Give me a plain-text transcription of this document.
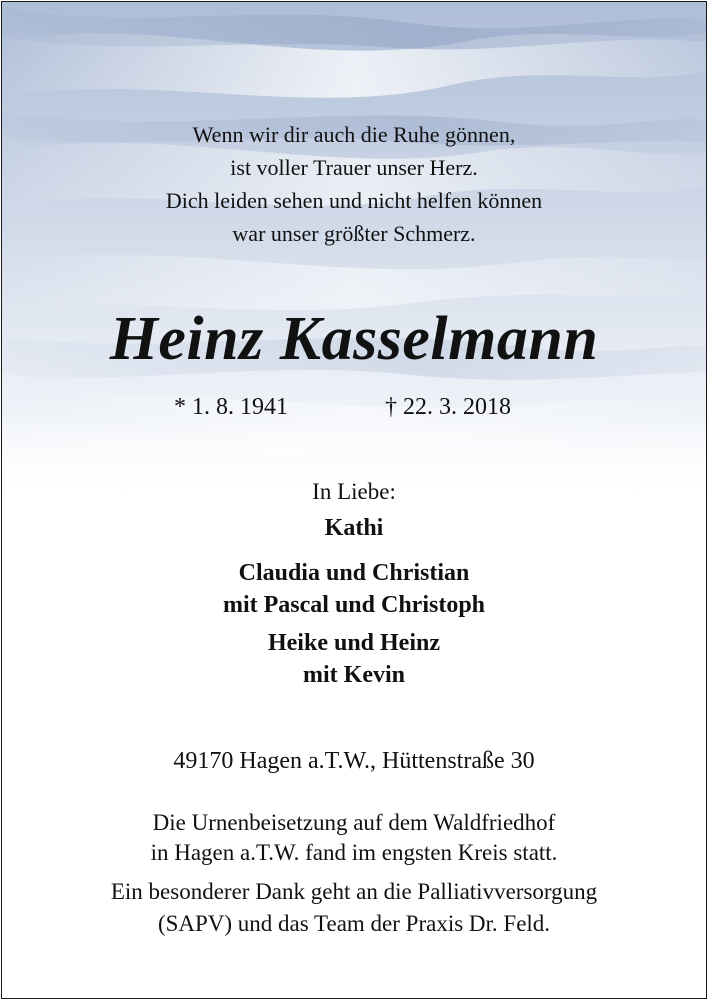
Wenn wir dir auch die Ruhe gönnen,
ist voller Trauer unser Herz.
Dich leiden sehen und nicht helfen können
war unser größter Schmerz.
Heinz Kasselmann
* 1. 8. 1941	† 22. 3. 2018
In Liebe:
Kathi
Claudia und Christian
mit Pascal und Christoph
Heike und Heinz
mit Kevin
49170 Hagen a.T.W., Hüttenstraße 30
Die Urnenbeisetzung auf dem Waldfriedhof
in Hagen a.T.W. fand im engsten Kreis statt.
Ein besonderer Dank geht an die Palliativversorgung
(SAPV) und das Team der Praxis Dr. Feld.
